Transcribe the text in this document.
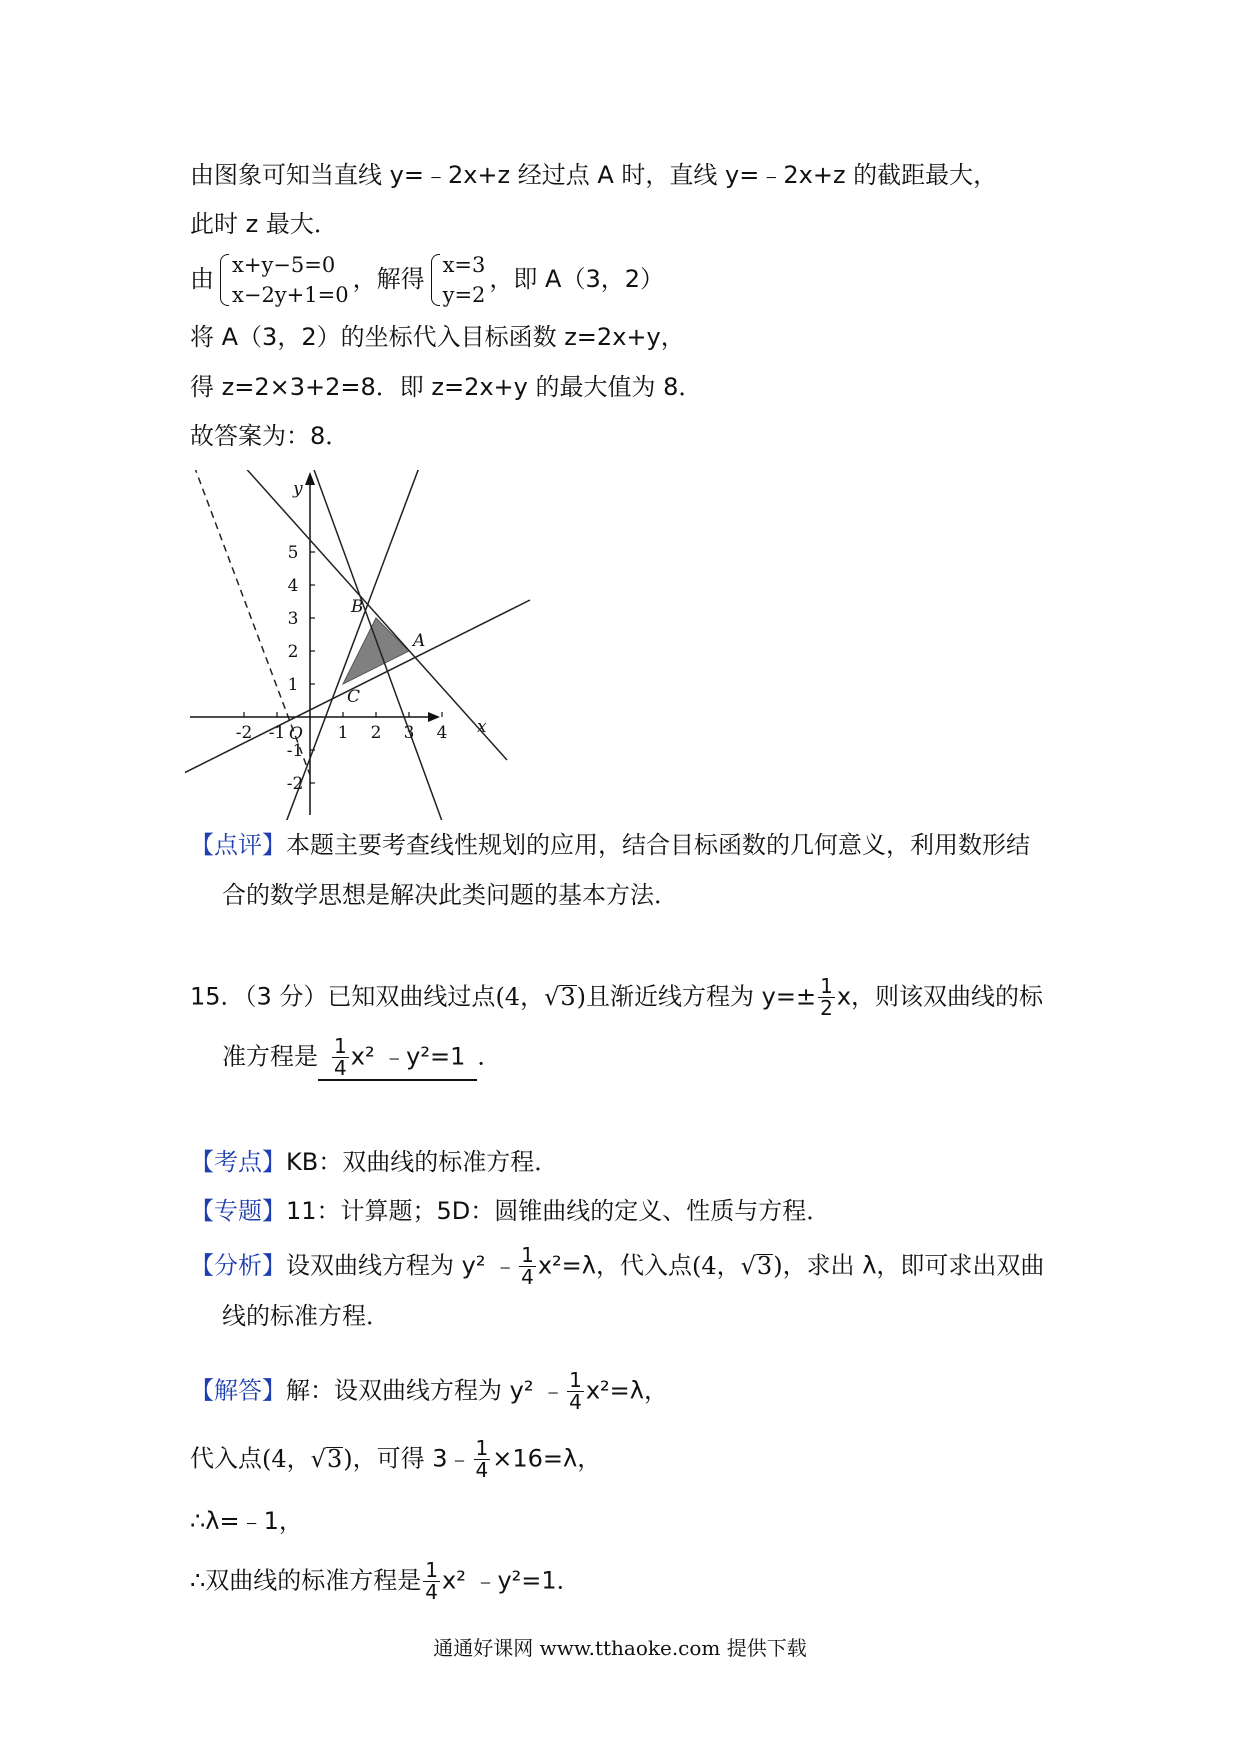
由图象可知当直线 y=﹣2x+z 经过点 A 时，直线 y=﹣2x+z 的截距最大，
此时 z 最大．
由 x+y−5=0
x−2y+1=0
，解得 x=3
y=2
，即 A（3，2）
将 A（3，2）的坐标代入目标函数 z=2x+y，
得 z=2×3+2=8．即 z=2x+y 的最大值为 8．
故答案为：8．
-2 -1	1 2 3 4
5
4
3
2
1
-1
-2
O	x
y
A
B
C
【点评】本题主要考查线性规划的应用，结合目标函数的几何意义，利用数形结
合的数学思想是解决此类问题的基本方法．
15．（3 分）已知双曲线过点(4，√3)且渐近线方程为 $y=\pm \frac{1}{2}$ x，则该双曲线的标
准方程是 $\frac{1}{4} x^2$ ﹣y²=1 ．
【考点】KB：双曲线的标准方程．
【专题】11：计算题；5D：圆锥曲线的定义、性质与方程．
【分析】设双曲线方程为 y² ﹣ $\frac{1}{4} x^2=\lambda$，代入点(4，√3)，求出 λ，即可求出双曲
线的标准方程．
【解答】解：设双曲线方程为 y² ﹣ $\frac{1}{4} x^2=\lambda$，
代入点(4，√3)，可得 3﹣ $\frac{1}{4} \times 16=\lambda$，
∴λ=﹣1，
∴双曲线的标准方程是 $\frac{1}{4} x^2$ ﹣y²=1．
通通好课网 www.tthaoke.com 提供下载
